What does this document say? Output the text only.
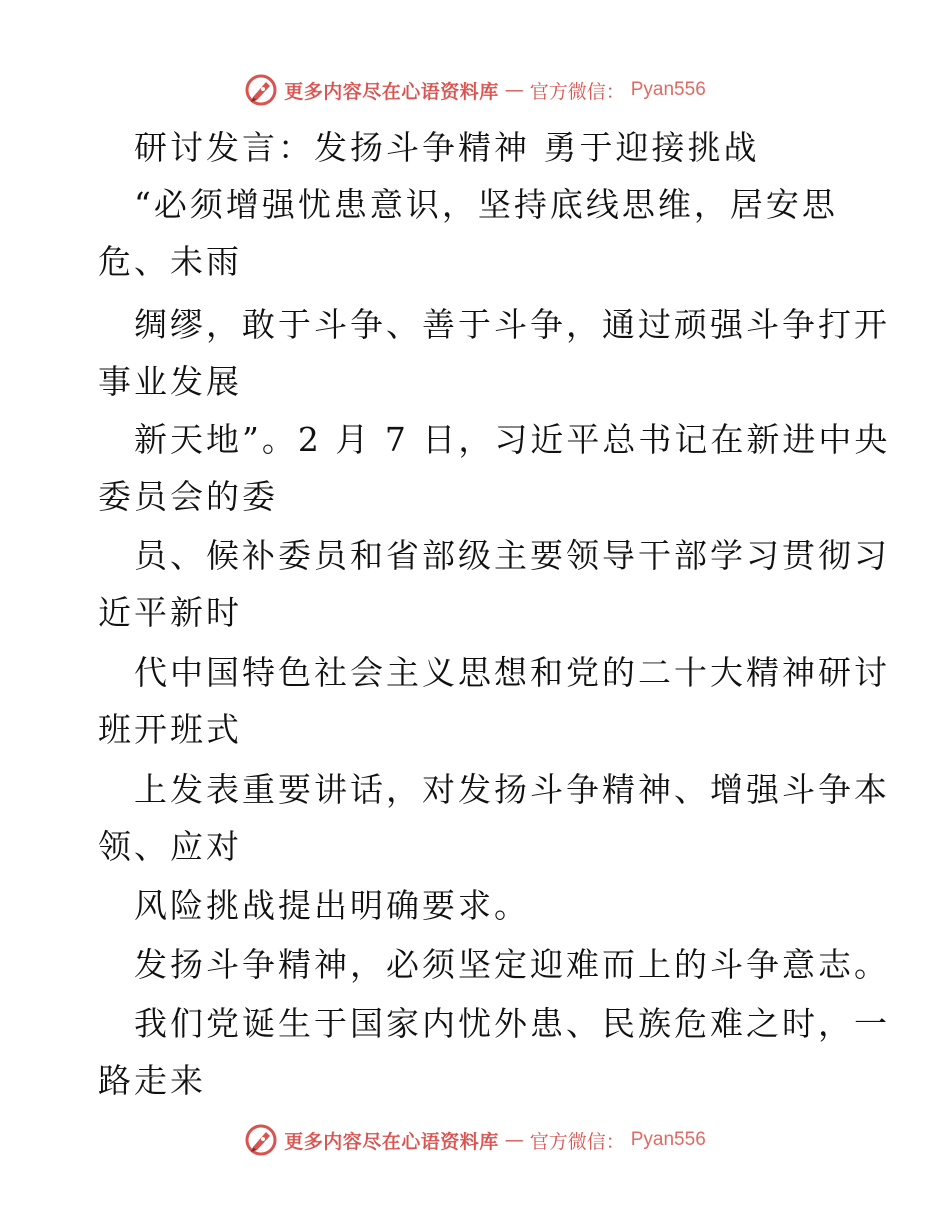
更多内容尽在心语资料库 — 官方微信： Pyan556
研讨发言：发扬斗争精神 勇于迎接挑战
“必须增强忧患意识，坚持底线思维，居安思
危、未雨
绸缪，敢于斗争、善于斗争，通过顽强斗争打开
事业发展
新天地”。2 月 7 日，习近平总书记在新进中央
委员会的委
员、候补委员和省部级主要领导干部学习贯彻习
近平新时
代中国特色社会主义思想和党的二十大精神研讨
班开班式
上发表重要讲话，对发扬斗争精神、增强斗争本
领、应对
风险挑战提出明确要求。
发扬斗争精神，必须坚定迎难而上的斗争意志。
我们党诞生于国家内忧外患、民族危难之时，一
路走来
更多内容尽在心语资料库 — 官方微信： Pyan556
